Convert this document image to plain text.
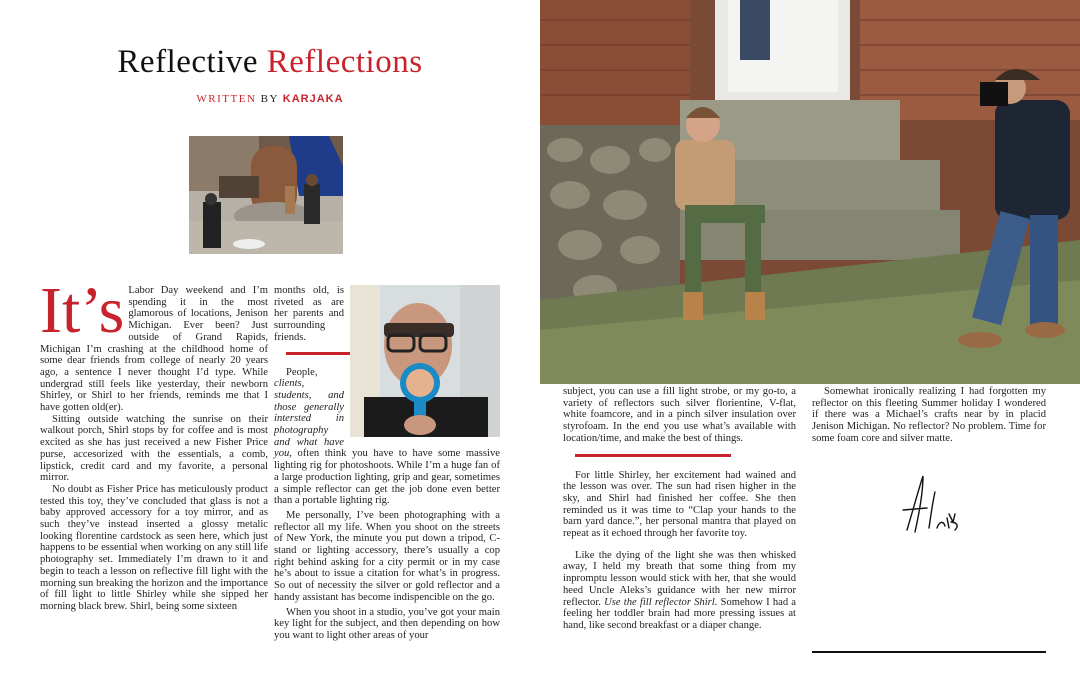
Reflective Reflections
WRITTEN BY KARJAKA

It’s Labor Day weekend and I’m spending it in the most glamorous of locations, Jenison Michigan. Ever been? Just outside of Grand Rapids, Michigan I’m crashing at the childhood home of some dear friends from college of nearly 20 years ago, a sentence I never thought I’d type. While undergrad still feels like yesterday, their newborn Shirley, or Shirl to her friends, reminds me that I have gotten old(er).

Sitting outside watching the sunrise on their walkout porch, Shirl stops by for coffee and is most excited as she has just received a new Fisher Price purse, accesorized with the essentials, a comb, lipstick, credit card and my favorite, a personal mirror.

No doubt as Fisher Price has meticulously product tested this toy, they’ve concluded that glass is not a baby approved accessory for a toy mirror, and as such they’ve instead inserted a glossy metalic looking florentine cardstock as seen here, which just happens to be essential when working on any still life photography set. Immediately I’m drawn to it and begin to teach a lesson on reflective fill light with the morning sun breaking the horizon and the importance of fill light to little Shirley while she sipped her morning black brew. Shirl, being some sixteen

months old, is riveted as are her parents and surrounding friends.

People, clients, students, and those generally intersted in photography and what have you, often think you have to have some massive lighting rig for photoshoots. While I’m a huge fan of a large production lighting, grip and gear, sometimes a simple reflector can get the job done even better than a portable lighting rig.

Me personally, I’ve been photographing with a reflector all my life. When you shoot on the streets of New York, the minute you put down a tripod, C-stand or lighting accessory, there’s usually a cop right behind asking for a city permit or in my case he’s about to issue a citation for what’s in progress. So out of necessity the silver or gold reflector and a handy assistant has become indispencible on the go.

When you shoot in a studio, you’ve got your main key light for the subject, and then depending on how you want to light other areas of your

subject, you can use a fill light strobe, or my go-to, a variety of reflectors such silver florientine, V-flat, white foamcore, and in a pinch silver insulation over styrofoam. In the end you use what’s available with location/time, and make the best of things.

For little Shirley, her excitement had wained and the lesson was over. The sun had risen higher in the sky, and Shirl had finished her coffee. She then reminded us it was time to “Clap your hands to the barn yard dance.”, her personal mantra that played on repeat as it echoed through her favorite toy.

Like the dying of the light she was then whisked away, I held my breath that some thing from my inpromptu lesson would stick with her, that she would heed Uncle Aleks’s guidance with her new mirror reflector. Use the fill reflector Shirl. Somehow I had a feeling her toddler brain had more pressing issues at hand, like second breakfast or a diaper change.

Somewhat ironically realizing I had forgotten my reflector on this fleeting Summer holiday I wondered if there was a Michael’s crafts near by in placid Jenison Michigan. No reflector? No problem. Time for some foam core and silver matte.
